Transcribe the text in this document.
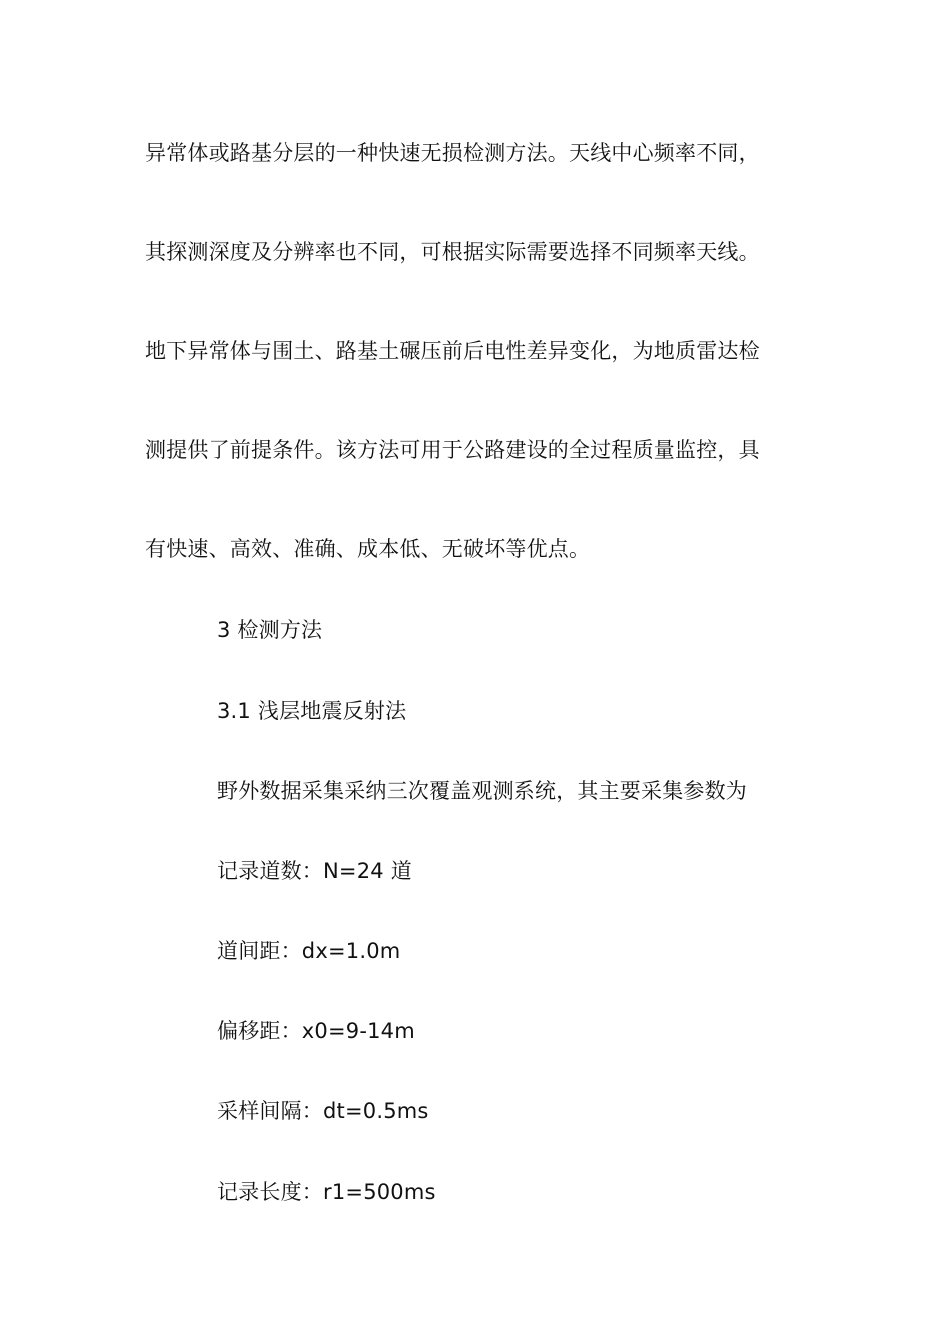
异常体或路基分层的一种快速无损检测方法。天线中心频率不同，
其探测深度及分辨率也不同，可根据实际需要选择不同频率天线。
地下异常体与围土、路基土碾压前后电性差异变化，为地质雷达检
测提供了前提条件。该方法可用于公路建设的全过程质量监控，具
有快速、高效、准确、成本低、无破坏等优点。
3 检测方法
3.1 浅层地震反射法
野外数据采集采纳三次覆盖观测系统，其主要采集参数为
记录道数：N=24 道
道间距：dx=1.0m
偏移距：x0=9-14m
采样间隔：dt=0.5ms
记录长度：r1=500ms
